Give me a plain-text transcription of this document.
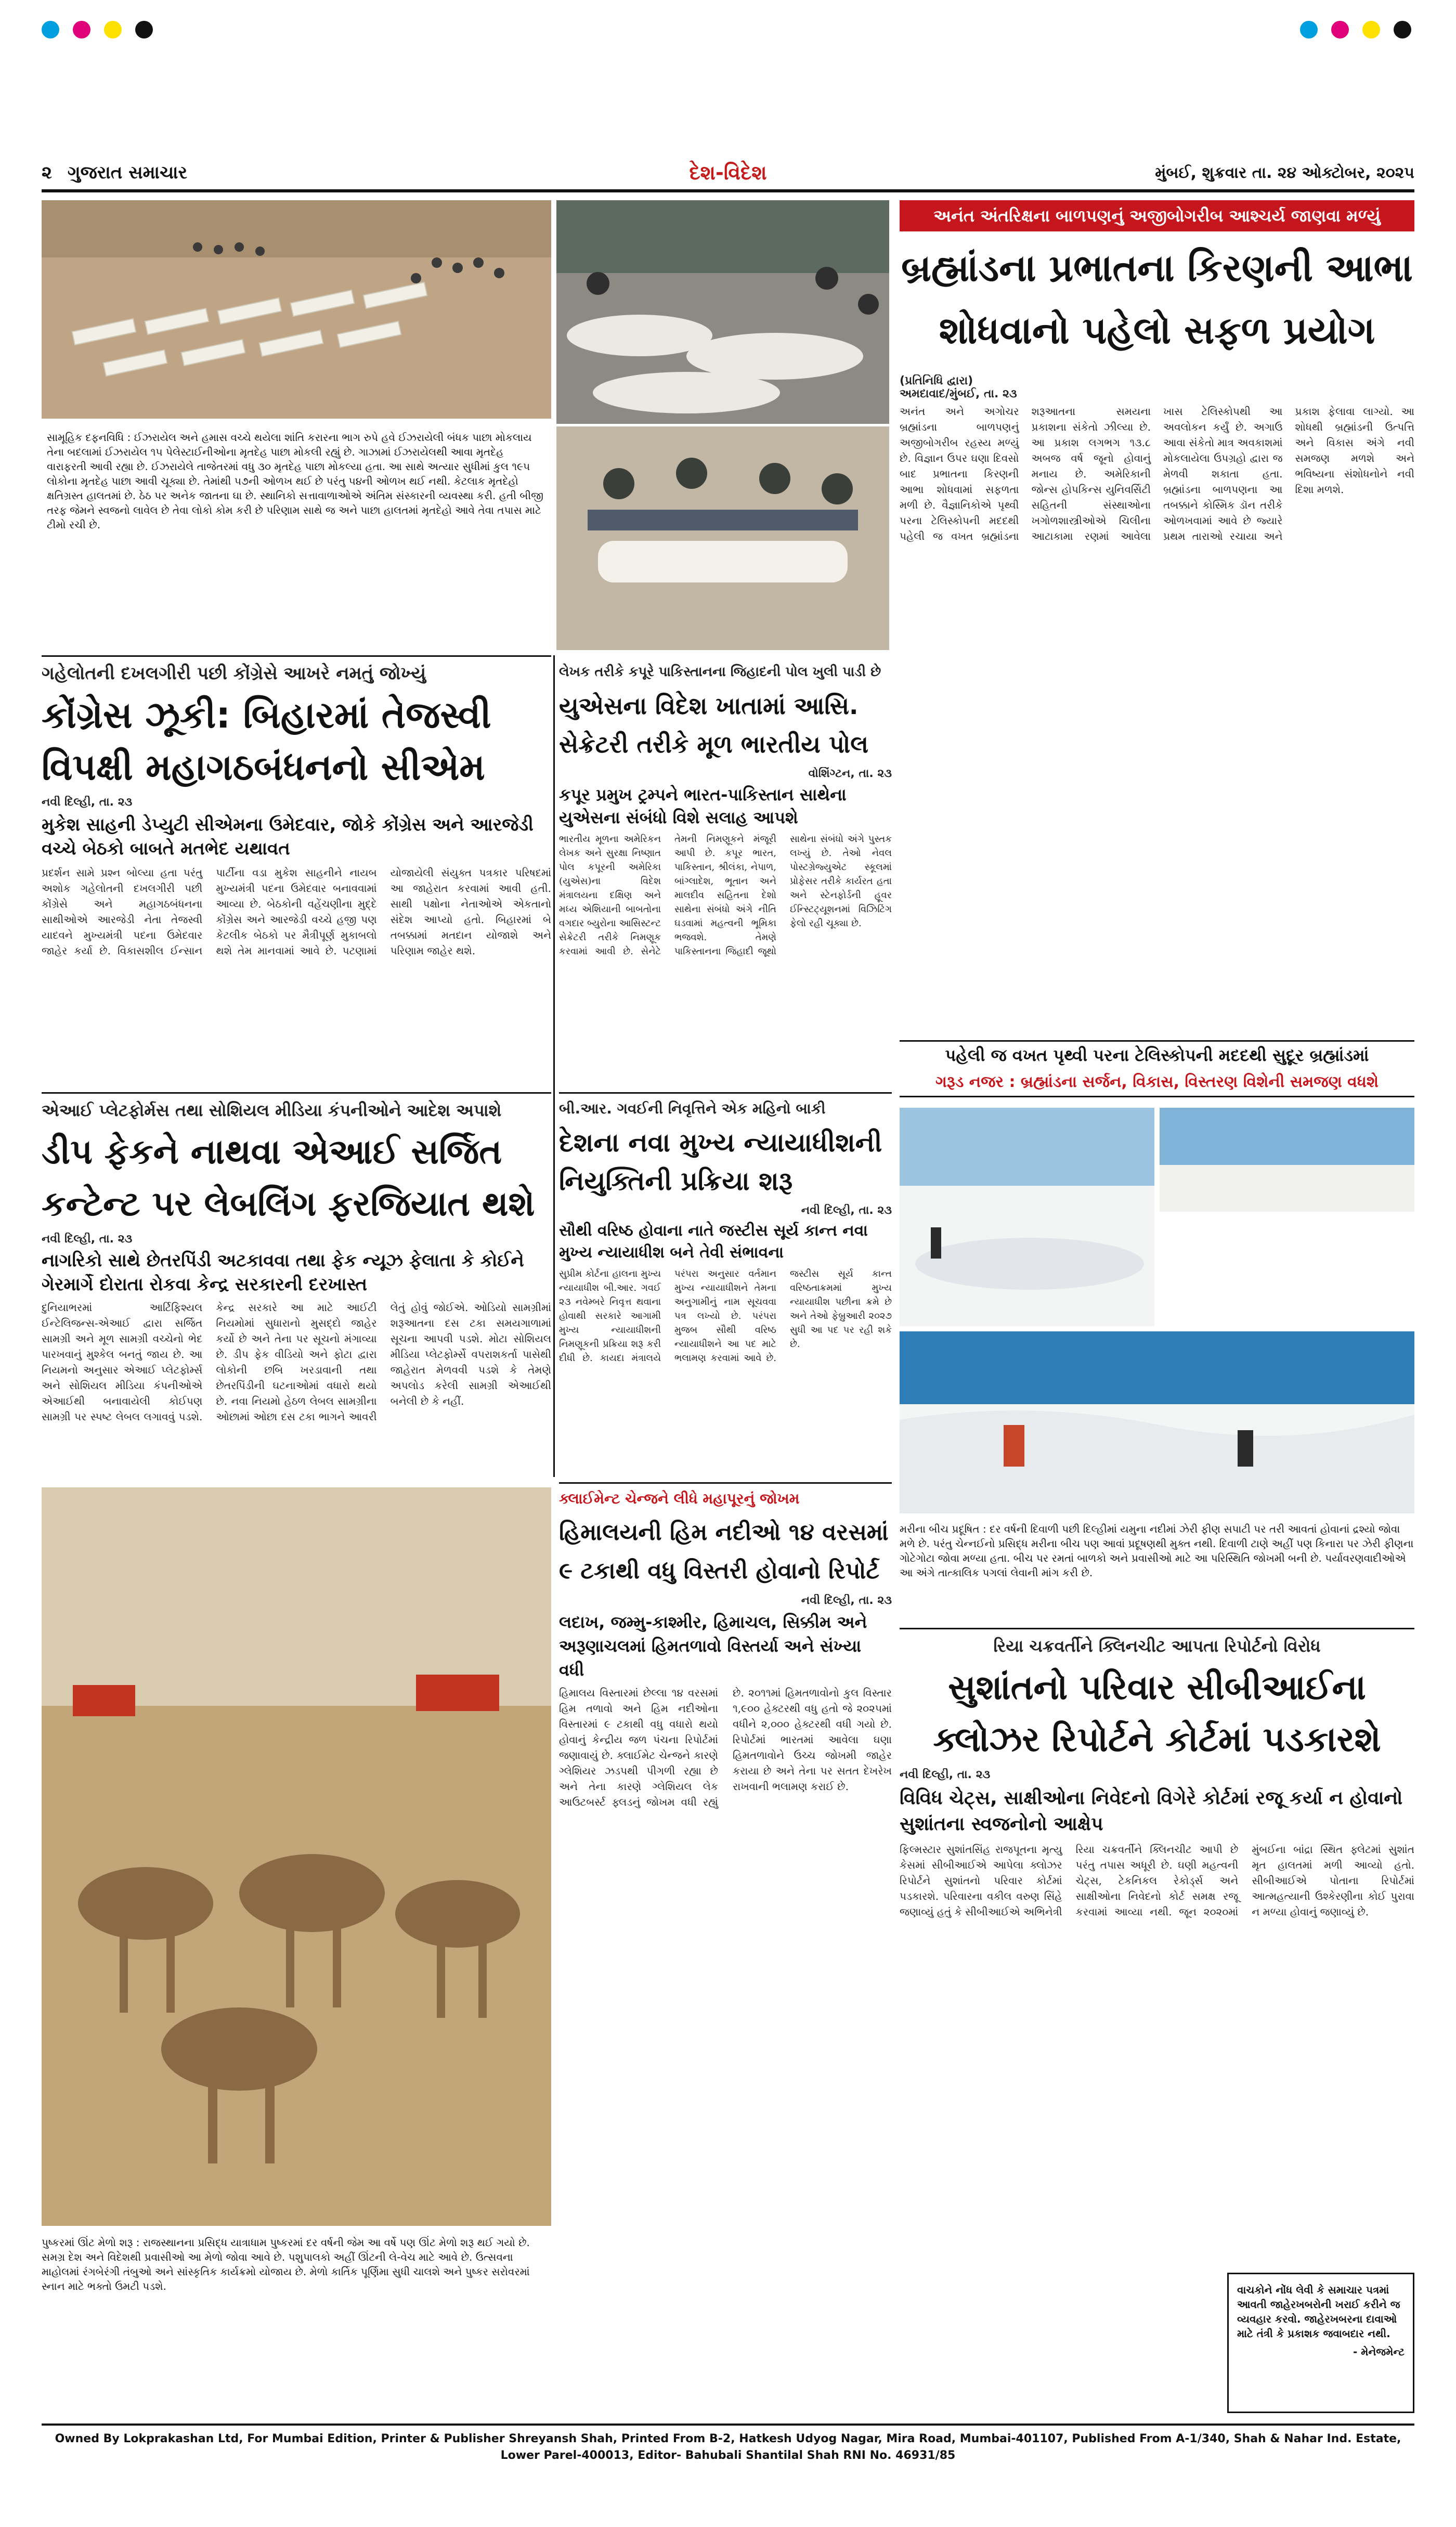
૨ ગુજરાત સમાચાર	દેશ-વિદેશ	મુંબઈ, શુક્રવાર તા. ૨૪ ઓક્ટોબર, ૨૦૨૫
સામૂહિક દફનવિધિ : ઈઝરાયેલ અને હમાસ વચ્ચે થયેલા શાંતિ કરારના ભાગ રુપે હવે ઈઝરાયેલી બંધક પાછા મોકલાય તેના બદલામાં ઈઝરાયેલ ૧૫ પેલેસ્ટાઈનીઓના મૃતદેહ પાછા મોકલી રહ્યું છે. ગાઝામાં ઈઝરાયેલથી આવા મૃતદેહ વારાફરતી આવી રહ્યા છે. ઈઝરાયેલે તાજેતરમાં વધુ ૩૦ મૃતદેહ પાછા મોકલ્યા હતા. આ સાથે અત્યાર સુધીમાં કુલ ૧૯૫ લોકોના મૃતદેહ પાછા આવી ચૂક્યા છે. તેમાંથી ૫૭ની ઓળખ થઈ છે પરંતુ ૫૪ની ઓળખ થઈ નથી. કેટલાક મૃતદેહો ક્ષતિગ્રસ્ત હાલતમાં છે. ઠેઠ પર અનેક જાતના ઘા છે. સ્થાનિકો સત્તાવાળાઓએ અંતિમ સંસ્કારની વ્યવસ્થા કરી. હતી બીજી તરફ જેમને સ્વજનો લાવેલ છે તેવા લોકો કોમ કરી છે પરિણામ સાથે જ અને પાછા હાલતમાં મૃતદેહો આવે તેવા તપાસ માટે ટીમો રચી છે.
અનંત અંતરિક્ષના બાળપણનું અજીબોગરીબ આશ્ચર્ય જાણવા મળ્યું
બ્રહ્માંડના પ્રભાતના કિરણની આભા
શોધવાનો પહેલો સફળ પ્રયોગ
(પ્રતિનિધિ દ્વારા)
અમદાવાદ/મુંબઈ, તા. ૨૩
અનંત અને અગોચર બ્રહ્માંડના બાળપણનું અજીબોગરીબ રહસ્ય મળ્યું છે. વિજ્ઞાન ઉપર ઘણા દિવસો બાદ પ્રભાતના કિરણની આભા શોધવામાં સફળતા મળી છે. વૈજ્ઞાનિકોએ પૃથ્વી પરના ટેલિસ્કોપની મદદથી પહેલી જ વખત બ્રહ્માંડના શરૂઆતના સમયના પ્રકાશના સંકેતો ઝીલ્યા છે. આ પ્રકાશ લગભગ ૧૩.૮ અબજ વર્ષ જૂનો હોવાનું મનાય છે. અમેરિકાની જોન્સ હોપકિન્સ યુનિવર્સિટી સહિતની સંસ્થાઓના ખગોળશાસ્ત્રીઓએ ચિલીના આટાકામા રણમાં આવેલા ખાસ ટેલિસ્કોપથી આ અવલોકન કર્યું છે. અગાઉ આવા સંકેતો માત્ર અવકાશમાં મોકલાયેલા ઉપગ્રહો દ્વારા જ મેળવી શકાતા હતા. બ્રહ્માંડના બાળપણના આ તબક્કાને કોસ્મિક ડૉન તરીકે ઓળખવામાં આવે છે જ્યારે પ્રથમ તારાઓ રચાયા અને પ્રકાશ ફેલાવા લાગ્યો. આ શોધથી બ્રહ્માંડની ઉત્પત્તિ અને વિકાસ અંગે નવી સમજણ મળશે અને ભવિષ્યના સંશોધનોને નવી દિશા મળશે.
પહેલી જ વખત પૃથ્વી પરના ટેલિસ્કોપની મદદથી સુદૂર બ્રહ્માંડમાં
ગરૂડ નજર : બ્રહ્માંડના સર્જન, વિકાસ, વિસ્તરણ વિશેની સમજણ વધશે
ગહેલોતની દખલગીરી પછી કોંગ્રેસે આખરે નમતું જોખ્યું
કોંગ્રેસ ઝૂકી: બિહારમાં તેજસ્વી
વિપક્ષી મહાગઠબંધનનો સીએમ
નવી દિલ્હી, તા. ૨૩
મુકેશ સાહની ડેપ્યુટી સીએમના ઉમેદવાર, જોકે કોંગ્રેસ અને આરજેડી વચ્ચે બેઠકો બાબતે મતભેદ યથાવત
પ્રદર્શન સામે પ્રશ્ન બોલ્યા હતા પરંતુ અશોક ગહેલોતની દખલગીરી પછી કોંગ્રેસે અને મહાગઠબંધનના સાથીઓએ આરજેડી નેતા તેજસ્વી યાદવને મુખ્યમંત્રી પદના ઉમેદવાર જાહેર કર્યા છે. વિકાસશીલ ઈન્સાન પાર્ટીના વડા મુકેશ સાહનીને નાયબ મુખ્યમંત્રી પદના ઉમેદવાર બનાવવામાં આવ્યા છે. બેઠકોની વહેંચણીના મુદ્દે કોંગ્રેસ અને આરજેડી વચ્ચે હજી પણ કેટલીક બેઠકો પર મૈત્રીપૂર્ણ મુકાબલો થશે તેમ માનવામાં આવે છે. પટણામાં યોજાયેલી સંયુક્ત પત્રકાર પરિષદમાં આ જાહેરાત કરવામાં આવી હતી. સાથી પક્ષોના નેતાઓએ એકતાનો સંદેશ આપ્યો હતો. બિહારમાં બે તબક્કામાં મતદાન યોજાશે અને પરિણામ જાહેર થશે.
લેખક તરીકે કપૂરે પાકિસ્તાનના જિહાદની પોલ ખુલી પાડી છે
યુએસના વિદેશ ખાતામાં આસિ.
સેક્રેટરી તરીકે મૂળ ભારતીય પોલ
વોશિંગ્ટન, તા. ૨૩
કપૂર પ્રમુખ ટ્રમ્પને ભારત-પાકિસ્તાન સાથેના યુએસના સંબંધો વિશે સલાહ આપશે
ભારતીય મૂળના અમેરિકન લેખક અને સુરક્ષા નિષ્ણાત પોલ કપૂરની અમેરિકા (યુએસ)ના વિદેશ મંત્રાલયના દક્ષિણ અને મધ્ય એશિયાની બાબતોના વગદાર બ્યુરોના આસિસ્ટન્ટ સેક્રેટરી તરીકે નિમણૂક કરવામાં આવી છે. સેનેટે તેમની નિમણૂકને મંજૂરી આપી છે. કપૂર ભારત, પાકિસ્તાન, શ્રીલંકા, નેપાળ, બાંગ્લાદેશ, ભૂતાન અને માલદીવ સહિતના દેશો સાથેના સંબંધો અંગે નીતિ ઘડવામાં મહત્વની ભૂમિકા ભજવશે. તેમણે પાકિસ્તાનના જિહાદી જૂથો સાથેના સંબંધો અંગે પુસ્તક લખ્યું છે. તેઓ નેવલ પોસ્ટગ્રેજ્યુએટ સ્કૂલમાં પ્રોફેસર તરીકે કાર્યરત હતા અને સ્ટેનફોર્ડની હૂવર ઈન્સ્ટિટ્યૂશનમાં વિઝિટિંગ ફેલો રહી ચૂક્યા છે.
એઆઈ પ્લેટફોર્મસ તથા સોશિયલ મીડિયા કંપનીઓને આદેશ અપાશે
ડીપ ફેકને નાથવા એઆઈ સર્જિત
કન્ટેન્ટ પર લેબલિંગ ફરજિયાત થશે
નવી દિલ્હી, તા. ૨૩
નાગરિકો સાથે છેતરપિંડી અટકાવવા તથા ફેક ન્યૂઝ ફેલાતા કે કોઈને ગેરમાર્ગે દોરાતા રોકવા કેન્દ્ર સરકારની દરખાસ્ત
દુનિયાભરમાં આર્ટિફિશ્યલ ઈન્ટેલિજન્સ-એઆઈ દ્વારા સર્જિત સામગ્રી અને મૂળ સામગ્રી વચ્ચેનો ભેદ પારખવાનું મુશ્કેલ બનતું જાય છે. આ નિયમનો અનુસાર એઆઈ પ્લેટફોર્મ્સ અને સોશિયલ મીડિયા કંપનીઓએ એઆઈથી બનાવાયેલી કોઈપણ સામગ્રી પર સ્પષ્ટ લેબલ લગાવવું પડશે. કેન્દ્ર સરકારે આ માટે આઈટી નિયમોમાં સુધારાનો મુસદ્દો જાહેર કર્યો છે અને તેના પર સૂચનો મંગાવ્યા છે. ડીપ ફેક વીડિયો અને ફોટા દ્વારા લોકોની છબિ ખરડાવાની તથા છેતરપિંડીની ઘટનાઓમાં વધારો થયો છે. નવા નિયમો હેઠળ લેબલ સામગ્રીના ઓછામાં ઓછા દસ ટકા ભાગને આવરી લેતું હોવું જોઈએ. ઓડિયો સામગ્રીમાં શરૂઆતના દસ ટકા સમયગાળામાં સૂચના આપવી પડશે. મોટા સોશિયલ મીડિયા પ્લેટફોર્મ્સે વપરાશકર્તા પાસેથી જાહેરાત મેળવવી પડશે કે તેમણે અપલોડ કરેલી સામગ્રી એઆઈથી બનેલી છે કે નહીં.
બી.આર. ગવઈની નિવૃત્તિને એક મહિનો બાકી
દેશના નવા મુખ્ય ન્યાયાધીશની
નિયુક્તિની પ્રક્રિયા શરૂ
નવી દિલ્હી, તા. ૨૩
સૌથી વરિષ્ઠ હોવાના નાતે જસ્ટીસ સૂર્ય કાન્ત નવા મુખ્ય ન્યાયાધીશ બને તેવી સંભાવના
સુપ્રીમ કોર્ટના હાલના મુખ્ય ન્યાયાધીશ બી.આર. ગવઈ ૨૩ નવેમ્બરે નિવૃત્ત થવાના હોવાથી સરકારે આગામી મુખ્ય ન્યાયાધીશની નિમણૂકની પ્રક્રિયા શરૂ કરી દીધી છે. કાયદા મંત્રાલયે પરંપરા અનુસાર વર્તમાન મુખ્ય ન્યાયાધીશને તેમના અનુગામીનું નામ સૂચવવા પત્ર લખ્યો છે. પરંપરા મુજબ સૌથી વરિષ્ઠ ન્યાયાધીશને આ પદ માટે ભલામણ કરવામાં આવે છે. જસ્ટીસ સૂર્ય કાન્ત વરિષ્ઠતાક્રમમાં મુખ્ય ન્યાયાધીશ પછીના ક્રમે છે અને તેઓ ફેબ્રુઆરી ૨૦૨૭ સુધી આ પદ પર રહી શકે છે.
મરીના બીચ પ્રદૂષિત : દર વર્ષની દિવાળી પછી દિલ્હીમાં યમુના નદીમાં ઝેરી ફીણ સપાટી પર તરી આવતાં હોવાનાં દ્રશ્યો જોવા મળે છે. પરંતુ ચેન્નઈનો પ્રસિદ્ધ મરીના બીચ પણ આવાં પ્રદૂષણથી મુક્ત નથી. દિવાળી ટાણે અહીં પણ કિનારા પર ઝેરી ફીણના ગોટેગોટા જોવા મળ્યા હતા. બીચ પર રમતાં બાળકો અને પ્રવાસીઓ માટે આ પરિસ્થિતિ જોખમી બની છે. પર્યાવરણવાદીઓએ આ અંગે તાત્કાલિક પગલાં લેવાની માંગ કરી છે.
ક્લાઈમેન્ટ ચેન્જને લીધે મહાપૂરનું જોખમ
હિમાલયની હિમ નદીઓ ૧૪ વરસમાં
૯ ટકાથી વધુ વિસ્તરી હોવાનો રિપોર્ટ
નવી દિલ્હી, તા. ૨૩
લદાખ, જમ્મુ-કાશ્મીર, હિમાચલ, સિક્કીમ અને અરૂણાચલમાં હિમતળાવો વિસ્તર્યા અને સંખ્યા વધી
હિમાલય વિસ્તારમાં છેલ્લા ૧૪ વરસમાં હિમ તળાવો અને હિમ નદીઓના વિસ્તારમાં ૯ ટકાથી વધુ વધારો થયો હોવાનું કેન્દ્રીય જળ પંચના રિપોર્ટમાં જણાવાયું છે. ક્લાઈમેટ ચેન્જને કારણે ગ્લેશિયર ઝડપથી પીગળી રહ્યા છે અને તેના કારણે ગ્લેશિયલ લેક આઉટબર્સ્ટ ફ્લડનું જોખમ વધી રહ્યું છે. ૨૦૧૧માં હિમતળાવોનો કુલ વિસ્તાર ૧,૯૦૦ હેક્ટરથી વધુ હતો જે ૨૦૨૫માં વધીને ૨,૦૦૦ હેક્ટરથી વધી ગયો છે. રિપોર્ટમાં ભારતમાં આવેલા ઘણા હિમતળાવોને ઉચ્ચ જોખમી જાહેર કરાયા છે અને તેના પર સતત દેખરેખ રાખવાની ભલામણ કરાઈ છે.
પુષ્કરમાં ઊંટ મેળો શરૂ : રાજસ્થાનના પ્રસિદ્ધ યાત્રાધામ પુષ્કરમાં દર વર્ષની જેમ આ વર્ષે પણ ઊંટ મેળો શરૂ થઈ ગયો છે. સમગ્ર દેશ અને વિદેશથી પ્રવાસીઓ આ મેળો જોવા આવે છે. પશુપાલકો અહીં ઊંટની લે-વેચ માટે આવે છે. ઉત્સવના માહોલમાં રંગબેરંગી તંબુઓ અને સાંસ્કૃતિક કાર્યક્રમો યોજાય છે. મેળો કાર્તિક પૂર્ણિમા સુધી ચાલશે અને પુષ્કર સરોવરમાં સ્નાન માટે ભક્તો ઉમટી પડશે.
રિયા ચક્રવર્તીને ક્લિનચીટ આપતા રિપોર્ટનો વિરોધ
સુશાંતનો પરિવાર સીબીઆઈના
ક્લોઝર રિપોર્ટને કોર્ટમાં પડકારશે
નવી દિલ્હી, તા. ૨૩
વિવિધ ચેટ્સ, સાક્ષીઓના નિવેદનો વિગેરે કોર્ટમાં રજૂ કર્યા ન હોવાનો સુશાંતના સ્વજનોનો આક્ષેપ
ફિલ્મસ્ટાર સુશાંતસિંહ રાજપૂતના મૃત્યુ કેસમાં સીબીઆઈએ આપેલા ક્લોઝર રિપોર્ટને સુશાંતનો પરિવાર કોર્ટમાં પડકારશે. પરિવારના વકીલ વરુણ સિંહે જણાવ્યું હતું કે સીબીઆઈએ અભિનેત્રી રિયા ચક્રવર્તીને ક્લિનચીટ આપી છે પરંતુ તપાસ અધૂરી છે. ઘણી મહત્વની ચેટ્સ, ટેકનિકલ રેકોર્ડ્સ અને સાક્ષીઓના નિવેદનો કોર્ટ સમક્ષ રજૂ કરવામાં આવ્યા નથી. જૂન ૨૦૨૦માં મુંબઈના બાંદ્રા સ્થિત ફ્લેટમાં સુશાંત મૃત હાલતમાં મળી આવ્યો હતો. સીબીઆઈએ પોતાના રિપોર્ટમાં આત્મહત્યાની ઉશ્કેરણીના કોઈ પુરાવા ન મળ્યા હોવાનું જણાવ્યું છે.
વાચકોને નોંધ લેવી કે સમાચાર પત્રમાં આવતી જાહેરખબરોની ખરાઈ કરીને જ વ્યવહાર કરવો. જાહેરખબરના દાવાઓ માટે તંત્રી કે પ્રકાશક જવાબદાર નથી.
- મેનેજમેન્ટ
Owned By Lokprakashan Ltd, For Mumbai Edition, Printer & Publisher Shreyansh Shah, Printed From B-2, Hatkesh Udyog Nagar, Mira Road, Mumbai-401107, Published From A-1/340, Shah & Nahar Ind. Estate, Lower Parel-400013, Editor- Bahubali Shantilal Shah RNI No. 46931/85
